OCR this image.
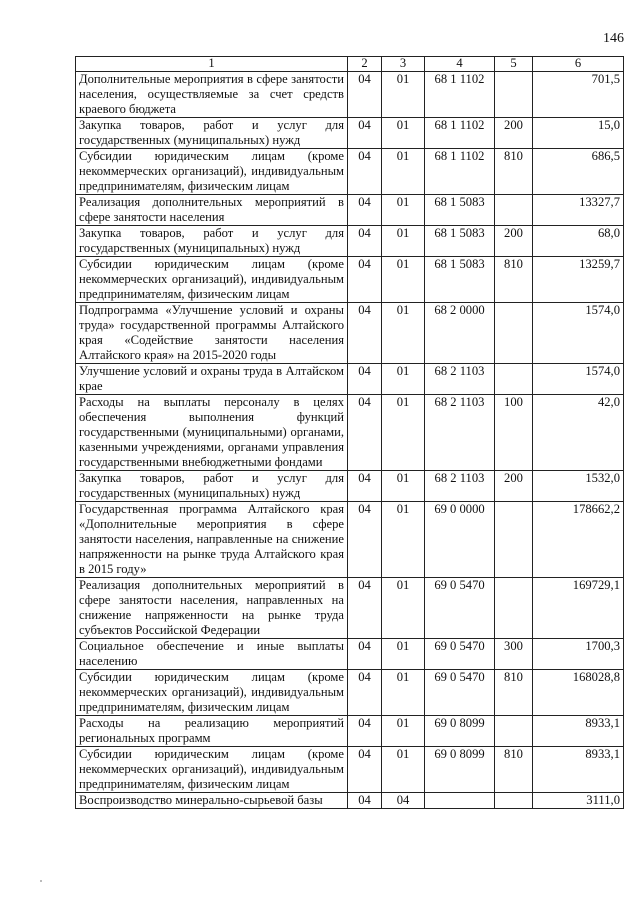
146
1	2	3	4	5	6
Дополнительные мероприятия в сфере занятости населения, осуществляемые за счет средств краевого бюджета	04	01	68 1 1102		701,5
Закупка товаров, работ и услуг для государственных (муниципальных) нужд	04	01	68 1 1102	200	15,0
Субсидии юридическим лицам (кроме некоммерческих организаций), индивидуальным предпринимателям, физическим лицам	04	01	68 1 1102	810	686,5
Реализация дополнительных мероприятий в сфере занятости населения	04	01	68 1 5083		13327,7
Закупка товаров, работ и услуг для государственных (муниципальных) нужд	04	01	68 1 5083	200	68,0
Субсидии юридическим лицам (кроме некоммерческих организаций), индивидуальным предпринимателям, физическим лицам	04	01	68 1 5083	810	13259,7
Подпрограмма «Улучшение условий и охраны труда» государственной программы Алтайского края «Содействие занятости населения Алтайского края» на 2015-2020 годы	04	01	68 2 0000		1574,0
Улучшение условий и охраны труда в Алтайском крае	04	01	68 2 1103		1574,0
Расходы на выплаты персоналу в целях обеспечения выполнения функций государственными (муниципальными) органами, казенными учреждениями, органами управления государственными внебюджетными фондами	04	01	68 2 1103	100	42,0
Закупка товаров, работ и услуг для государственных (муниципальных) нужд	04	01	68 2 1103	200	1532,0
Государственная программа Алтайского края «Дополнительные мероприятия в сфере занятости населения, направленные на снижение напряженности на рынке труда Алтайского края в 2015 году»	04	01	69 0 0000		178662,2
Реализация дополнительных мероприятий в сфере занятости населения, направленных на снижение напряженности на рынке труда субъектов Российской Федерации	04	01	69 0 5470		169729,1
Социальное обеспечение и иные выплаты населению	04	01	69 0 5470	300	1700,3
Субсидии юридическим лицам (кроме некоммерческих организаций), индивидуальным предпринимателям, физическим лицам	04	01	69 0 5470	810	168028,8
Расходы на реализацию мероприятий региональных программ	04	01	69 0 8099		8933,1
Субсидии юридическим лицам (кроме некоммерческих организаций), индивидуальным предпринимателям, физическим лицам	04	01	69 0 8099	810	8933,1
Воспроизводство минерально-сырьевой базы	04	04			3111,0
